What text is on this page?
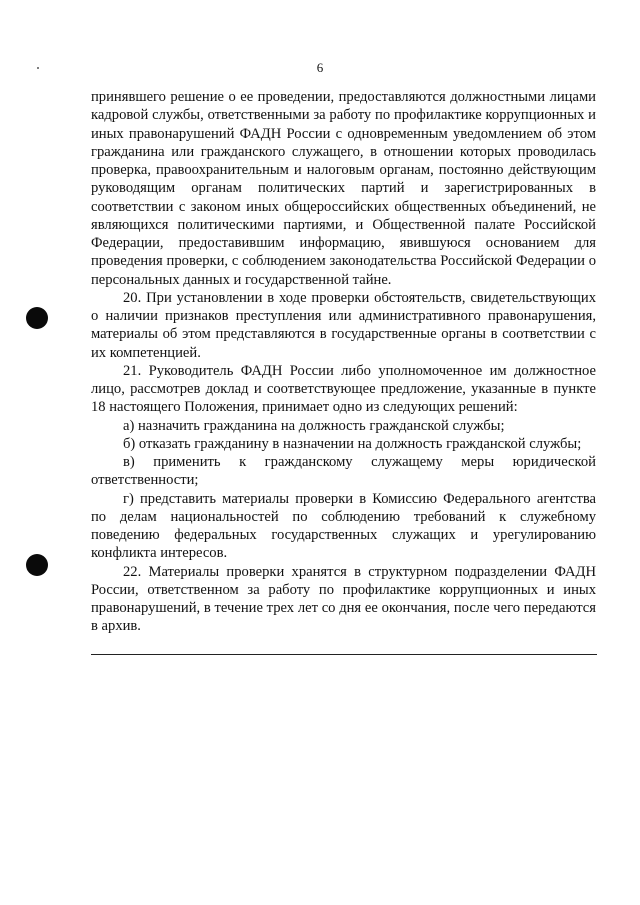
6

принявшего решение о ее проведении, предоставляются должностными лицами кадровой службы, ответственными за работу по профилактике коррупционных и иных правонарушений ФАДН России с одновременным уведомлением об этом гражданина или гражданского служащего, в отношении которых проводилась проверка, правоохранительным и налоговым органам, постоянно действующим руководящим органам политических партий и зарегистрированных в соответствии с законом иных общероссийских общественных объединений, не являющихся политическими партиями, и Общественной палате Российской Федерации, предоставившим информацию, явившуюся основанием для проведения проверки, с соблюдением законодательства Российской Федерации о персональных данных и государственной тайне.

20. При установлении в ходе проверки обстоятельств, свидетельствующих о наличии признаков преступления или административного правонарушения, материалы об этом представляются в государственные органы в соответствии с их компетенцией.

21. Руководитель ФАДН России либо уполномоченное им должностное лицо, рассмотрев доклад и соответствующее предложение, указанные в пункте 18 настоящего Положения, принимает одно из следующих решений:

а) назначить гражданина на должность гражданской службы;

б) отказать гражданину в назначении на должность гражданской службы;

в) применить к гражданскому служащему меры юридической ответственности;

г) представить материалы проверки в Комиссию Федерального агентства по делам национальностей по соблюдению требований к служебному поведению федеральных государственных служащих и урегулированию конфликта интересов.

22. Материалы проверки хранятся в структурном подразделении ФАДН России, ответственном за работу по профилактике коррупционных и иных правонарушений, в течение трех лет со дня ее окончания, после чего передаются в архив.
